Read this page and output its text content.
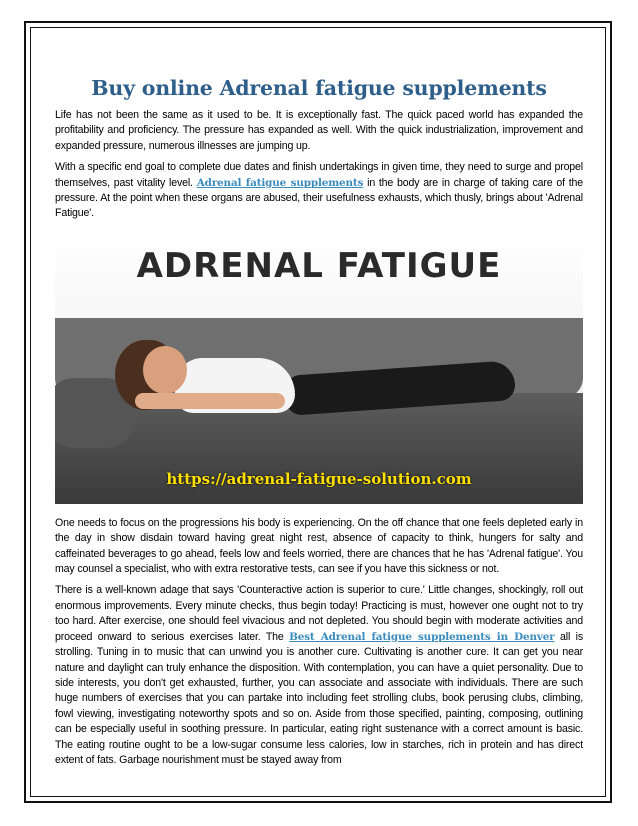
Buy online Adrenal fatigue supplements

Life has not been the same as it used to be. It is exceptionally fast. The quick paced world has expanded the profitability and proficiency. The pressure has expanded as well. With the quick industrialization, improvement and expanded pressure, numerous illnesses are jumping up.

With a specific end goal to complete due dates and finish undertakings in given time, they need to surge and propel themselves, past vitality level. Adrenal fatigue supplements in the body are in charge of taking care of the pressure. At the point when these organs are abused, their usefulness exhausts, which thusly, brings about 'Adrenal Fatigue'.

ADRENAL FATIGUE
https://adrenal-fatigue-solution.com

One needs to focus on the progressions his body is experiencing. On the off chance that one feels depleted early in the day in show disdain toward having great night rest, absence of capacity to think, hungers for salty and caffeinated beverages to go ahead, feels low and feels worried, there are chances that he has 'Adrenal fatigue'. You may counsel a specialist, who with extra restorative tests, can see if you have this sickness or not.

There is a well-known adage that says 'Counteractive action is superior to cure.' Little changes, shockingly, roll out enormous improvements. Every minute checks, thus begin today! Practicing is must, however one ought not to try too hard. After exercise, one should feel vivacious and not depleted. You should begin with moderate activities and proceed onward to serious exercises later. The Best Adrenal fatigue supplements in Denver all is strolling. Tuning in to music that can unwind you is another cure. Cultivating is another cure. It can get you near nature and daylight can truly enhance the disposition. With contemplation, you can have a quiet personality. Due to side interests, you don't get exhausted, further, you can associate and associate with individuals. There are such huge numbers of exercises that you can partake into including feet strolling clubs, book perusing clubs, climbing, fowl viewing, investigating noteworthy spots and so on. Aside from those specified, painting, composing, outlining can be especially useful in soothing pressure. In particular, eating right sustenance with a correct amount is basic. The eating routine ought to be a low-sugar consume less calories, low in starches, rich in protein and has direct extent of fats. Garbage nourishment must be stayed away from
